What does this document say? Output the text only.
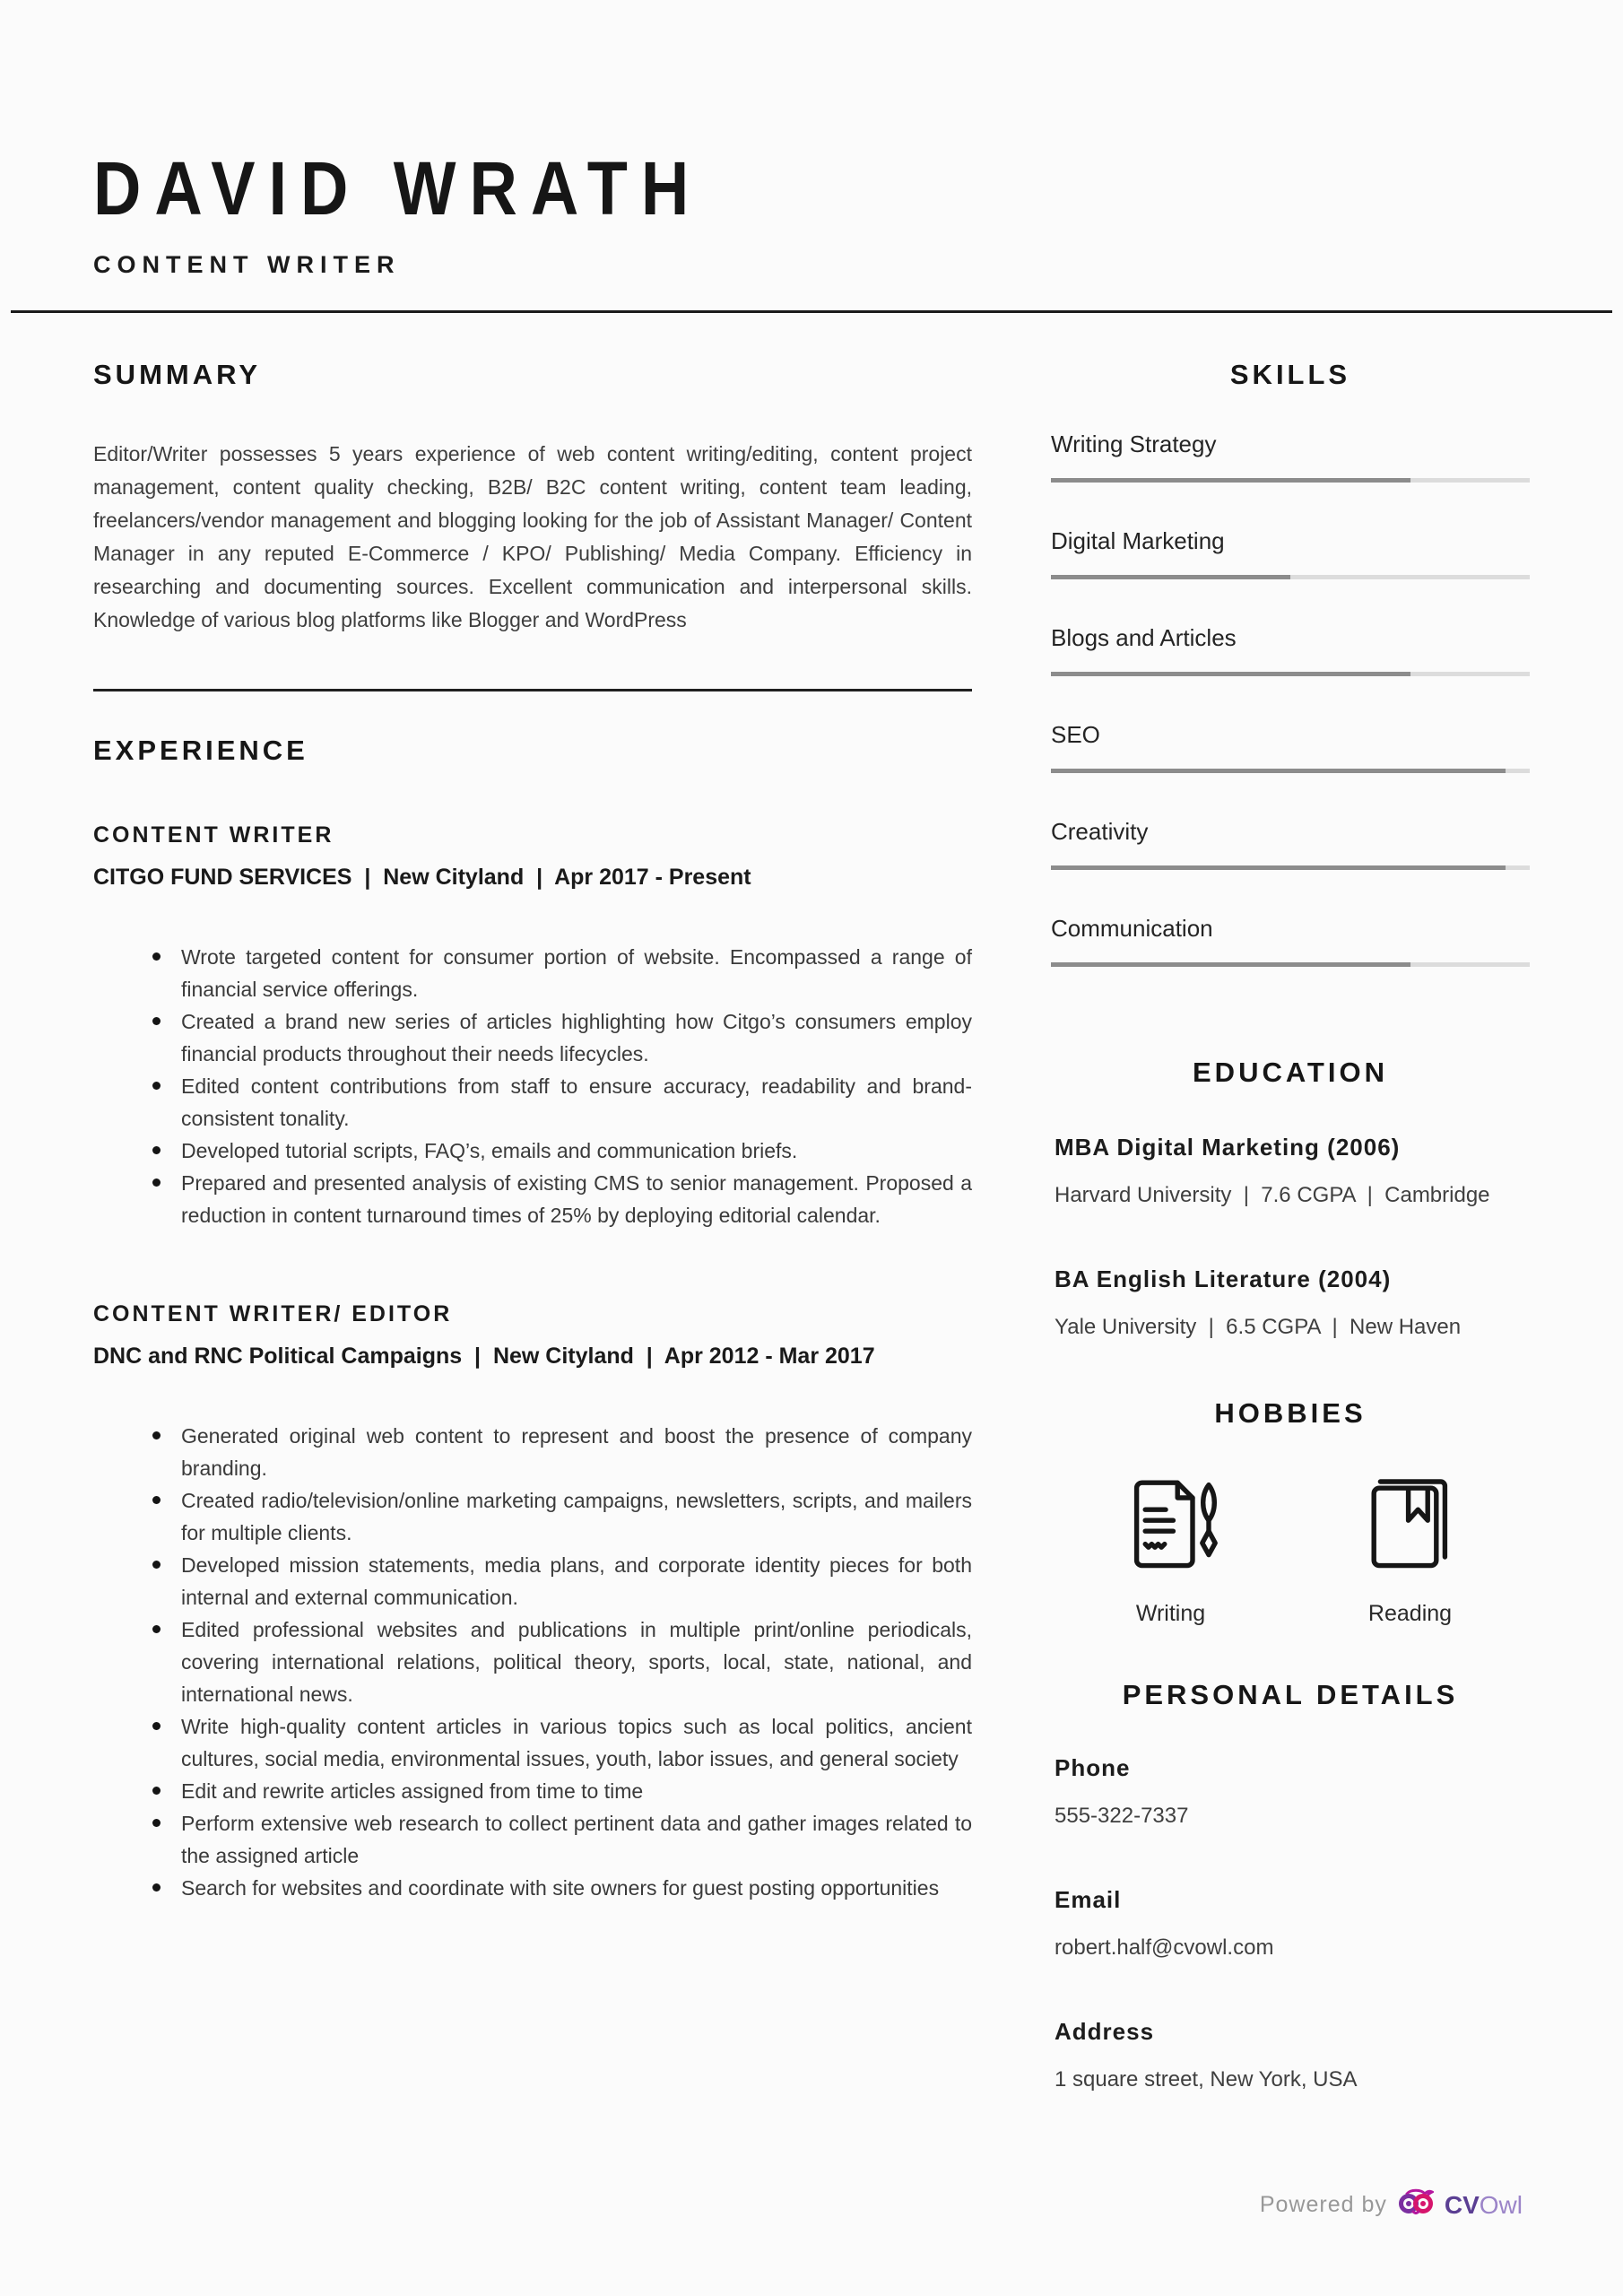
DAVID WRATH
CONTENT WRITER
SUMMARY

Editor/Writer possesses 5 years experience of web content writing/editing, content project management, content quality checking, B2B/ B2C content writing, content team leading, freelancers/vendor management and blogging looking for the job of Assistant Manager/ Content Manager in any reputed E-Commerce / KPO/ Publishing/ Media Company. Efficiency in researching and documenting sources. Excellent communication and interpersonal skills. Knowledge of various blog platforms like Blogger and WordPress

EXPERIENCE
CONTENT WRITER
CITGO FUND SERVICES  |  New Cityland  |  Apr 2017 - Present
Wrote targeted content for consumer portion of website. Encompassed a range of financial service offerings.
Created a brand new series of articles highlighting how Citgo’s consumers employ financial products throughout their needs lifecycles.
Edited content contributions from staff to ensure accuracy, readability and brand-consistent tonality.
Developed tutorial scripts, FAQ’s, emails and communication briefs.
Prepared and presented analysis of existing CMS to senior management. Proposed a reduction in content turnaround times of 25% by deploying editorial calendar.
CONTENT WRITER/ EDITOR
DNC and RNC Political Campaigns  |  New Cityland  |  Apr 2012 - Mar 2017
Generated original web content to represent and boost the presence of company branding.
Created radio/television/online marketing campaigns, newsletters, scripts, and mailers for multiple clients.
Developed mission statements, media plans, and corporate identity pieces for both internal and external communication.
Edited professional websites and publications in multiple print/online periodicals, covering international relations, political theory, sports, local, state, national, and international news.
Write high-quality content articles in various topics such as local politics, ancient cultures, social media, environmental issues, youth, labor issues, and general society
Edit and rewrite articles assigned from time to time
Perform extensive web research to collect pertinent data and gather images related to the assigned article
Search for websites and coordinate with site owners for guest posting opportunities
SKILLS
Writing Strategy
Digital Marketing
Blogs and Articles
SEO
Creativity
Communication
EDUCATION
MBA Digital Marketing (2006)
Harvard University  |  7.6 CGPA  |  Cambridge
BA English Literature (2004)
Yale University  |  6.5 CGPA  |  New Haven
HOBBIES
Writing	Reading
PERSONAL DETAILS
Phone
555-322-7337
Email
robert.half@cvowl.com
Address
1 square street, New York, USA
Powered by CVOwl
